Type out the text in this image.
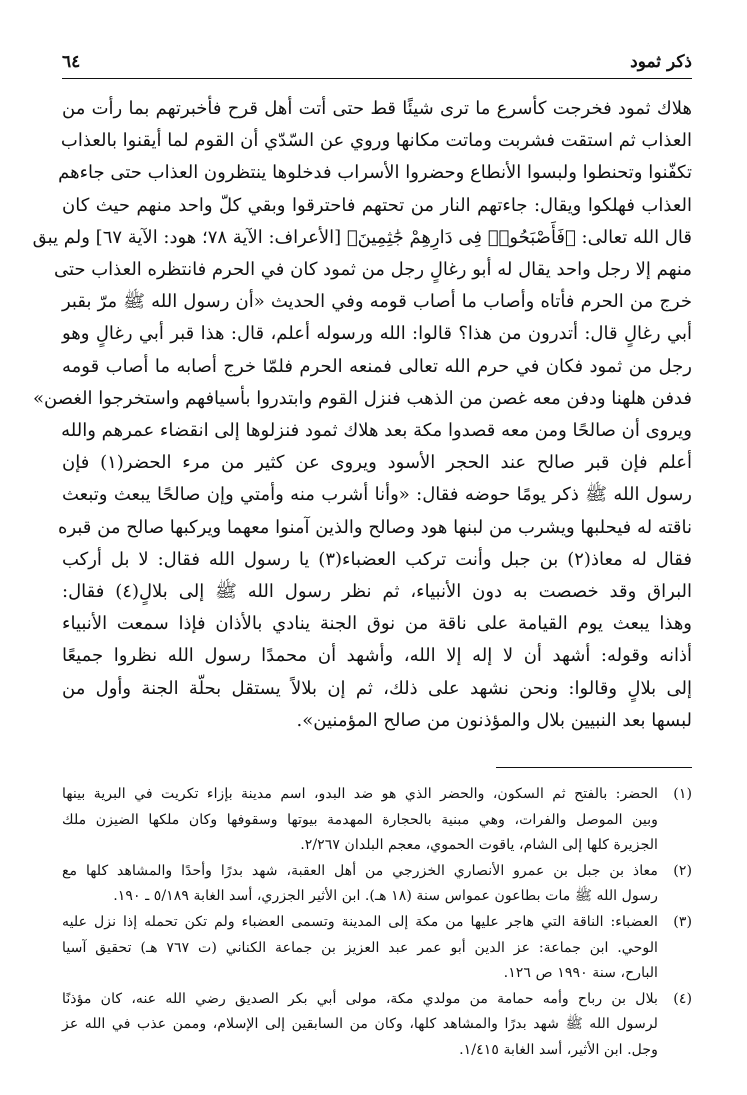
ذكر ثمود
٦٤
هلاك ثمود فخرجت كأسرع ما ترى شيئًا قط حتى أتت أهل قرح فأخبرتهم بما رأت من
العذاب ثم استقت فشربت وماتت مكانها وروي عن السّدّي أن القوم لما أيقنوا بالعذاب
تكفّنوا وتحنطوا ولبسوا الأنطاع وحضروا الأسراب فدخلوها ينتظرون العذاب حتى جاءهم
العذاب فهلكوا ويقال: جاءتهم النار من تحتهم فاحترقوا وبقي كلّ واحد منهم حيث كان
قال الله تعالى: ﴿فَأَصْبَحُوا۟ فِى دَارِهِمْ جَٰثِمِينَ﴾ [الأعراف: الآية ٧٨؛ هود: الآية ٦٧] ولم يبق
منهم إلا رجل واحد يقال له أبو رغالٍ رجل من ثمود كان في الحرم فانتظره العذاب حتى
خرج من الحرم فأتاه وأصاب ما أصاب قومه وفي الحديث «أن رسول الله ﷺ مرّ بقبر
أبي رغالٍ قال: أتدرون من هذا؟ قالوا: الله ورسوله أعلم، قال: هذا قبر أبي رغالٍ وهو
رجل من ثمود فكان في حرم الله تعالى فمنعه الحرم فلمّا خرج أصابه ما أصاب قومه
فدفن هلهنا ودفن معه غصن من الذهب فنزل القوم وابتدروا بأسيافهم واستخرجوا الغصن»
ويروى أن صالحًا ومن معه قصدوا مكة بعد هلاك ثمود فنزلوها إلى انقضاء عمرهم والله
أعلم فإن قبر صالح عند الحجر الأسود ويروى عن كثير من مرء الحضر(١) فإن
رسول الله ﷺ ذكر يومًا حوضه فقال: «وأنا أشرب منه وأمتي وإن صالحًا يبعث وتبعث
ناقته له فيحلبها ويشرب من لبنها هود وصالح والذين آمنوا معهما ويركبها صالح من قبره
فقال له معاذ(٢) بن جبل وأنت تركب العضباء(٣) يا رسول الله فقال: لا بل أركب
البراق وقد خصصت به دون الأنبياء، ثم نظر رسول الله ﷺ إلى بلالٍ(٤) فقال:
وهذا يبعث يوم القيامة على ناقة من نوق الجنة ينادي بالأذان فإذا سمعت الأنبياء
أذانه وقوله: أشهد أن لا إله إلا الله، وأشهد أن محمدًا رسول الله نظروا جميعًا
إلى بلالٍ وقالوا: ونحن نشهد على ذلك، ثم إن بلالاً يستقل بحلّة الجنة وأول من
لبسها بعد النبيين بلال والمؤذنون من صالح المؤمنين».
(١)
الحضر: بالفتح ثم السكون، والحضر الذي هو ضد البدو، اسم مدينة بإزاء تكريت في البرية بينها
وبين الموصل والفرات، وهي مبنية بالحجارة المهدمة بيوتها وسقوفها وكان ملكها الضيزن ملك
الجزيرة كلها إلى الشام، ياقوت الحموي، معجم البلدان ٢/٢٦٧.
(٢)
معاذ بن جبل بن عمرو الأنصاري الخزرجي من أهل العقبة، شهد بدرًا وأحدًا والمشاهد كلها مع
رسول الله ﷺ مات بطاعون عمواس سنة (١٨ هـ). ابن الأثير الجزري، أسد الغابة ٥/١٨٩ ـ ١٩٠.
(٣)
العضباء: الناقة التي هاجر عليها من مكة إلى المدينة وتسمى العضباء ولم تكن تحمله إذا نزل عليه
الوحي. ابن جماعة: عز الدين أبو عمر عبد العزيز بن جماعة الكناني (ت ٧٦٧ هـ) تحقيق آسيا
البارح، سنة ١٩٩٠ ص ١٢٦.
(٤)
بلال بن رباح وأمه حمامة من مولدي مكة، مولى أبي بكر الصديق رضي الله عنه، كان مؤذنًا
لرسول الله ﷺ شهد بدرًا والمشاهد كلها، وكان من السابقين إلى الإسلام، وممن عذب في الله عز
وجل. ابن الأثير، أسد الغابة ١/٤١٥.
